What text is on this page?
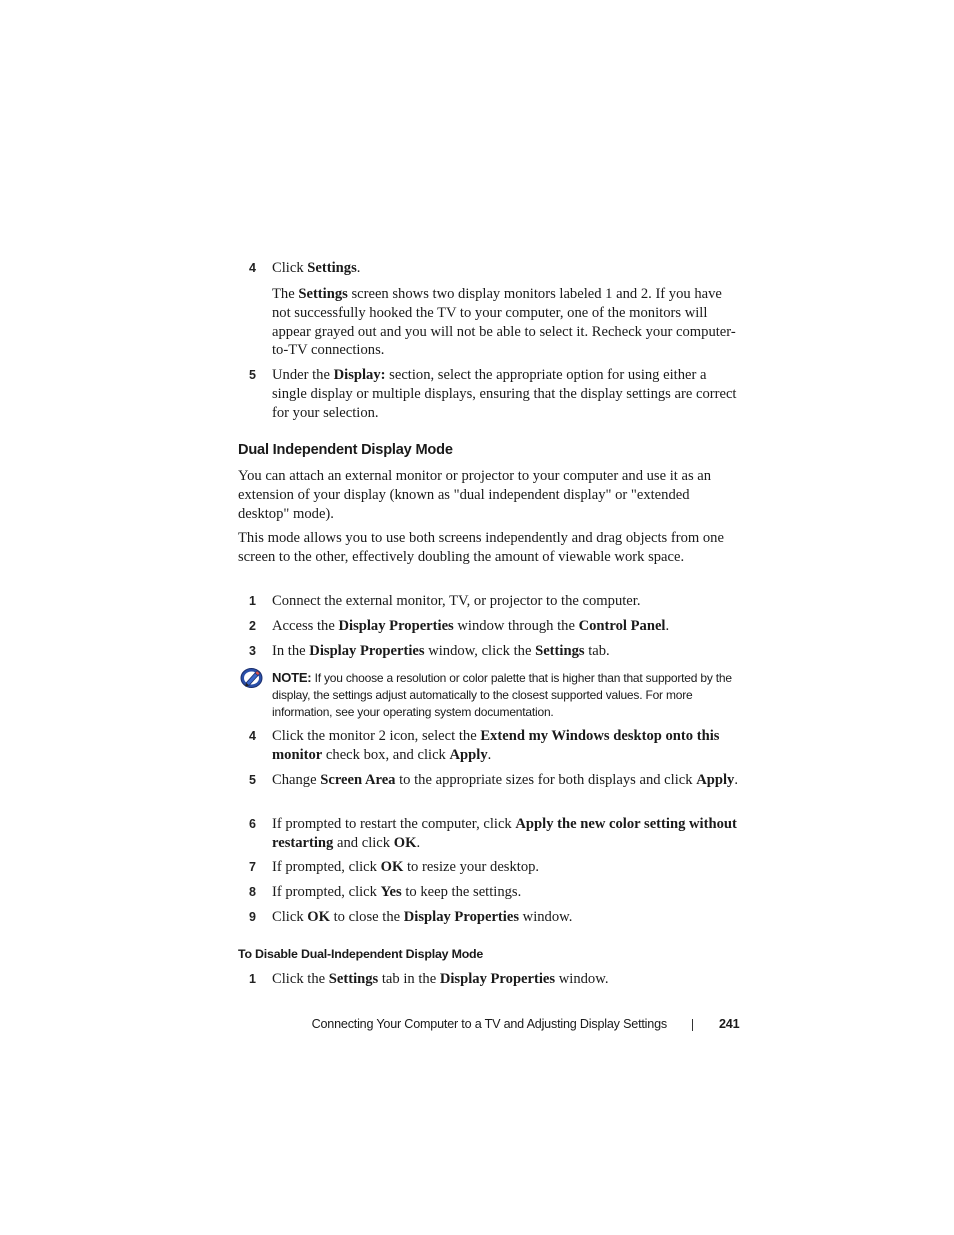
4 Click Settings.
The Settings screen shows two display monitors labeled 1 and 2. If you have not successfully hooked the TV to your computer, one of the monitors will appear grayed out and you will not be able to select it. Recheck your computer-to-TV connections.
5 Under the Display: section, select the appropriate option for using either a single display or multiple displays, ensuring that the display settings are correct for your selection.
Dual Independent Display Mode
You can attach an external monitor or projector to your computer and use it as an extension of your display (known as "dual independent display" or "extended desktop" mode).
This mode allows you to use both screens independently and drag objects from one screen to the other, effectively doubling the amount of viewable work space.
1 Connect the external monitor, TV, or projector to the computer.
2 Access the Display Properties window through the Control Panel.
3 In the Display Properties window, click the Settings tab.
NOTE: If you choose a resolution or color palette that is higher than that supported by the display, the settings adjust automatically to the closest supported values. For more information, see your operating system documentation.
4 Click the monitor 2 icon, select the Extend my Windows desktop onto this monitor check box, and click Apply.
5 Change Screen Area to the appropriate sizes for both displays and click Apply.
6 If prompted to restart the computer, click Apply the new color setting without restarting and click OK.
7 If prompted, click OK to resize your desktop.
8 If prompted, click Yes to keep the settings.
9 Click OK to close the Display Properties window.
To Disable Dual-Independent Display Mode
1 Click the Settings tab in the Display Properties window.
Connecting Your Computer to a TV and Adjusting Display Settings	241
